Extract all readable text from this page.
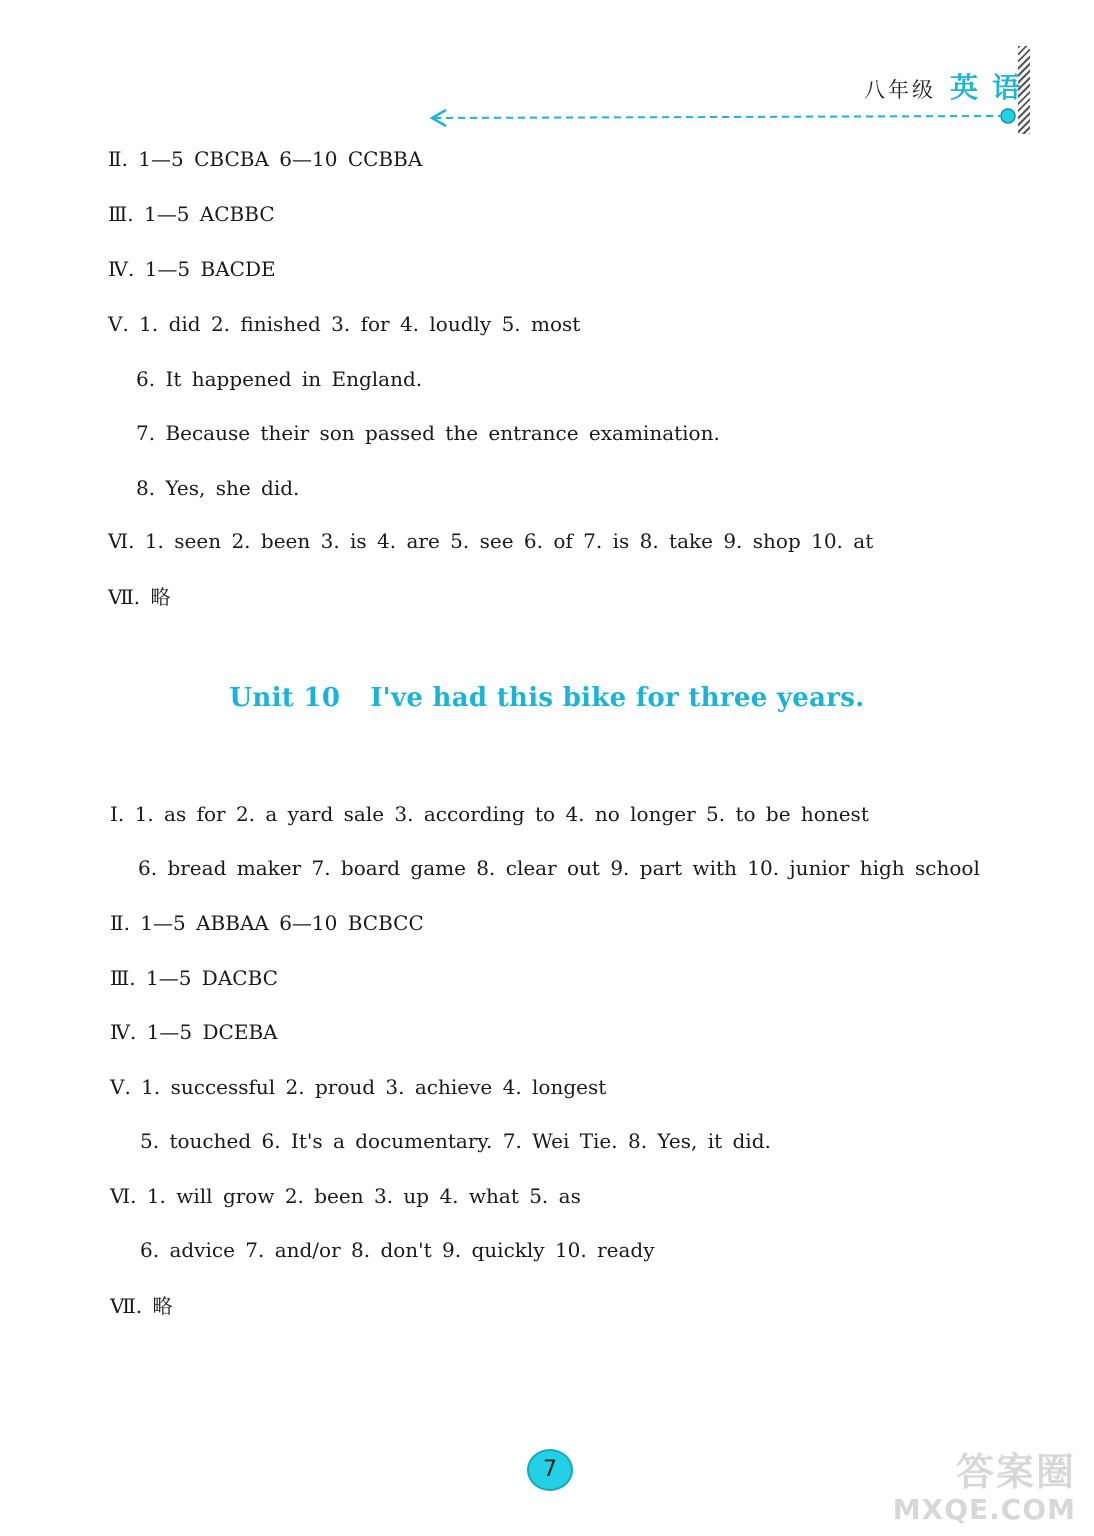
八年级 英语
Ⅱ. 1—5 CBCBA 6—10 CCBBA
Ⅲ. 1—5 ACBBC
Ⅳ. 1—5 BACDE
Ⅴ. 1. did 2. finished 3. for 4. loudly 5. most
6. It happened in England.
7. Because their son passed the entrance examination.
8. Yes, she did.
Ⅵ. 1. seen 2. been 3. is 4. are 5. see 6. of 7. is 8. take 9. shop 10. at
Ⅶ. 略
Unit 10 I've had this bike for three years.
Ⅰ. 1. as for 2. a yard sale 3. according to 4. no longer 5. to be honest
6. bread maker 7. board game 8. clear out 9. part with 10. junior high school
Ⅱ. 1—5 ABBAA 6—10 BCBCC
Ⅲ. 1—5 DACBC
Ⅳ. 1—5 DCEBA
Ⅴ. 1. successful 2. proud 3. achieve 4. longest
5. touched 6. It's a documentary. 7. Wei Tie. 8. Yes, it did.
Ⅵ. 1. will grow 2. been 3. up 4. what 5. as
6. advice 7. and/or 8. don't 9. quickly 10. ready
Ⅶ. 略
7	答案圈
MXQE.COM
